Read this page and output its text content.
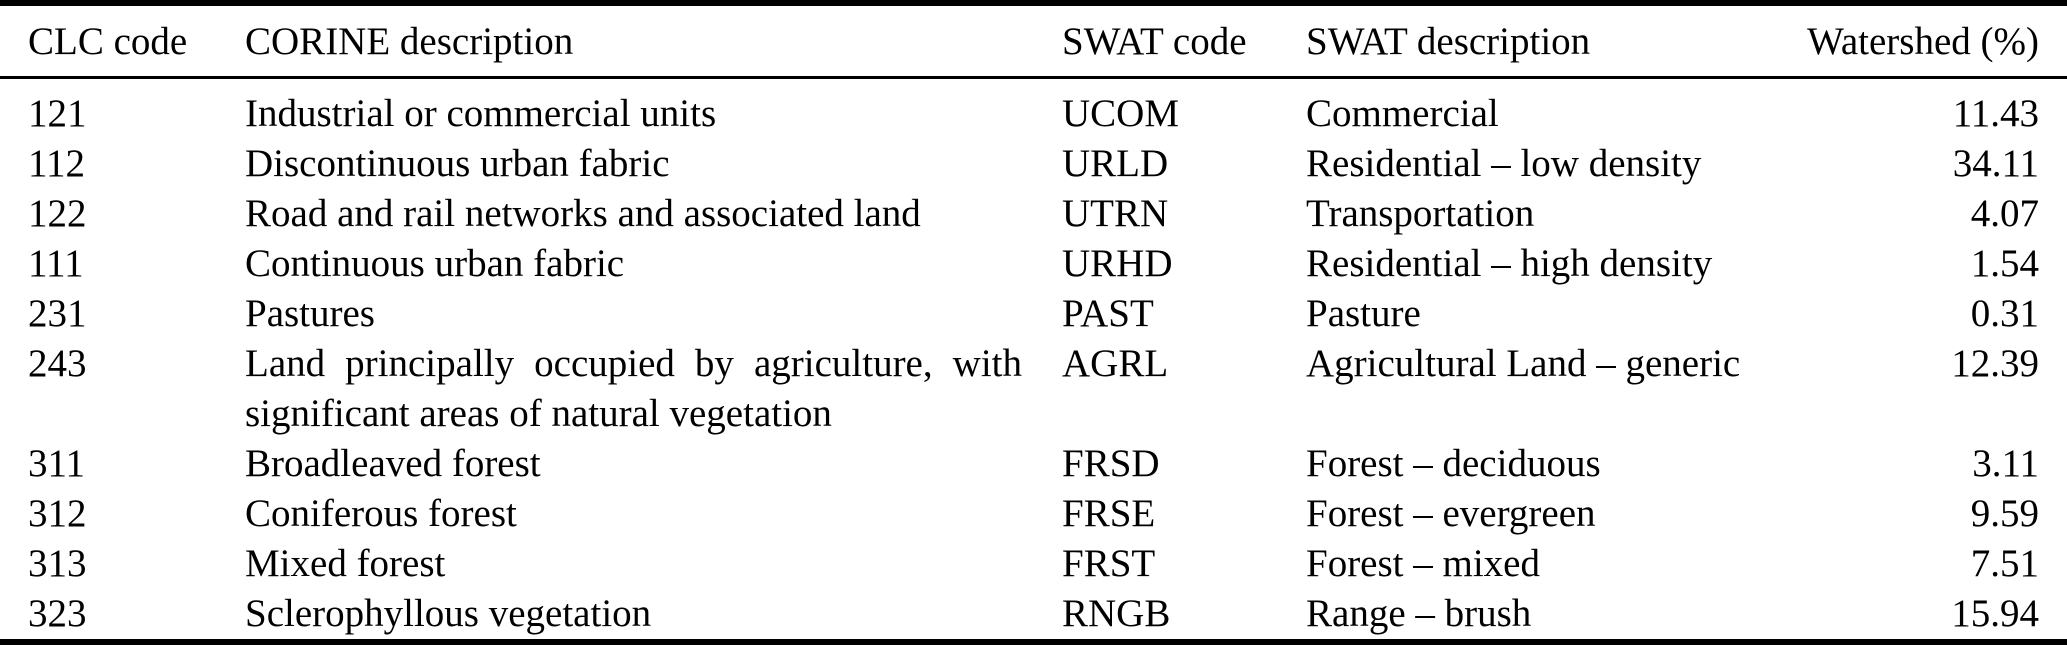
CLC code	CORINE description	SWAT code	SWAT description	Watershed (%)
121	Industrial or commercial units	UCOM	Commercial	11.43
112	Discontinuous urban fabric	URLD	Residential – low density	34.11
122	Road and rail networks and associated land	UTRN	Transportation	4.07
111	Continuous urban fabric	URHD	Residential – high density	1.54
231	Pastures	PAST	Pasture	0.31
243	Land principally occupied by agriculture, with significant areas of natural vegetation	AGRL	Agricultural Land – generic	12.39
311	Broadleaved forest	FRSD	Forest – deciduous	3.11
312	Coniferous forest	FRSE	Forest – evergreen	9.59
313	Mixed forest	FRST	Forest – mixed	7.51
323	Sclerophyllous vegetation	RNGB	Range – brush	15.94
